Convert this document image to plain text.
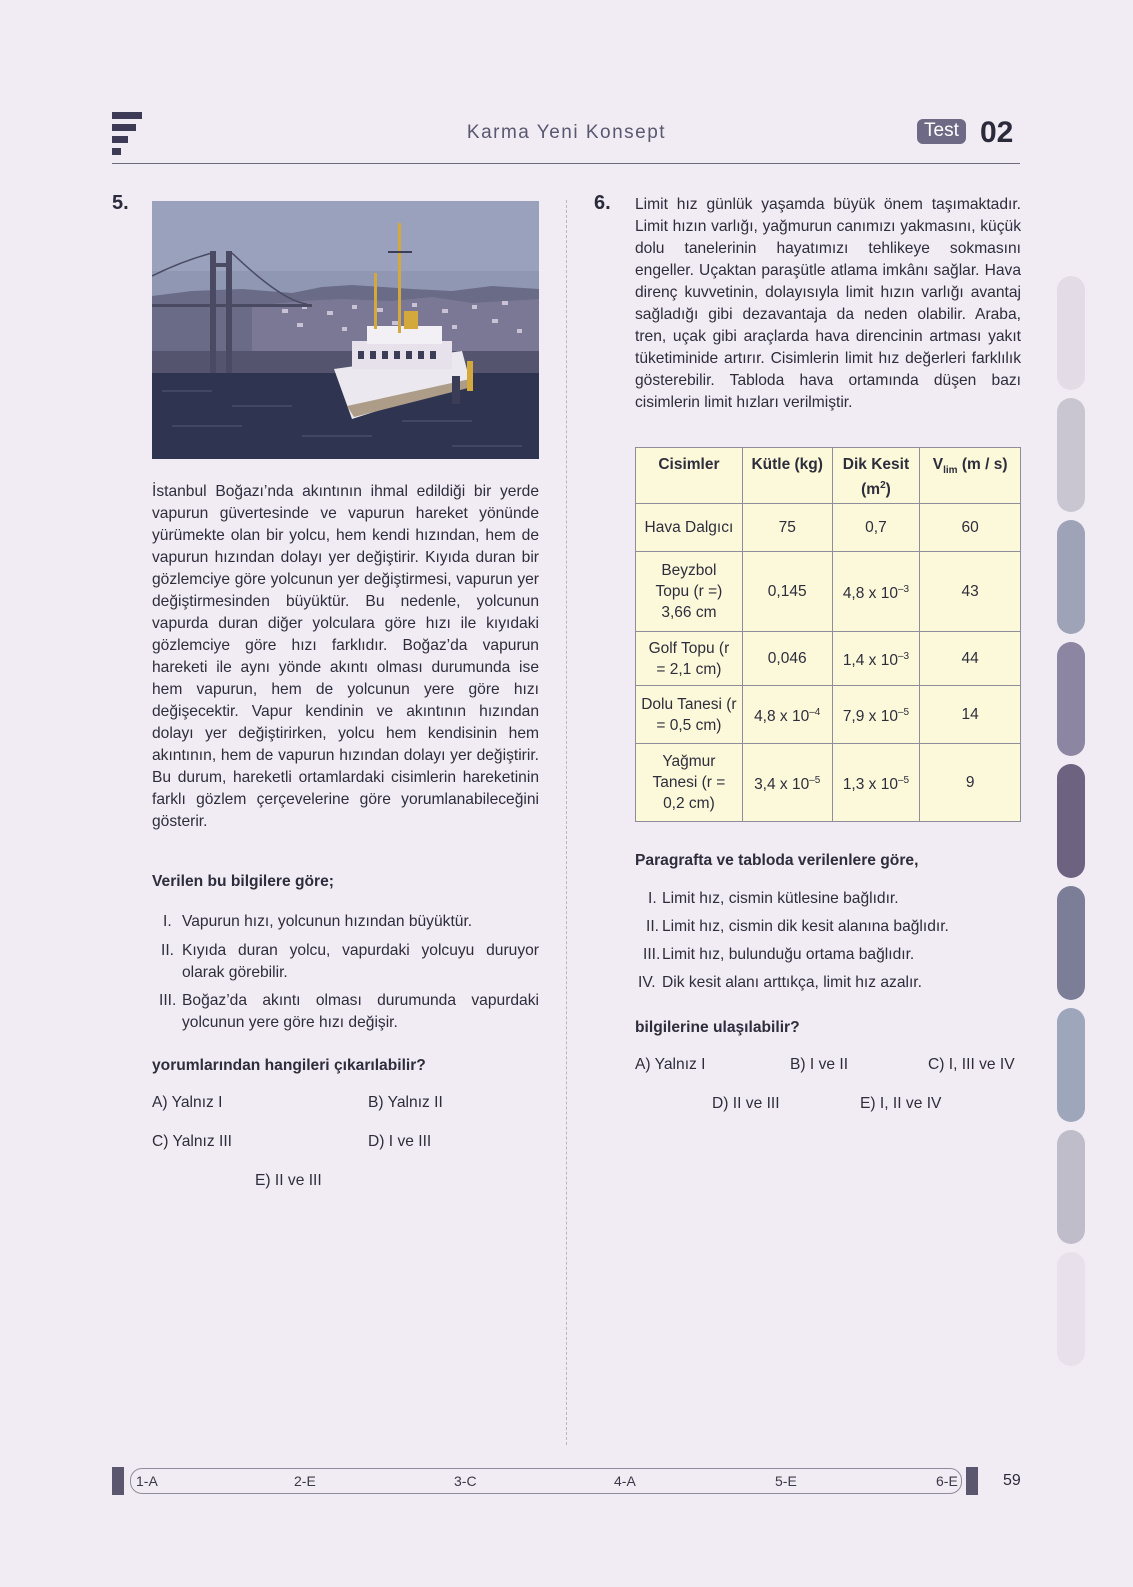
Karma Yeni Konsept	Test 02
5.
İstanbul Boğazı’nda akıntının ihmal edildiği bir yerde vapurun güvertesinde ve vapurun hareket yönünde yürümekte olan bir yolcu, hem kendi hızından, hem de vapurun hızından dolayı yer değiştirir. Kıyıda duran bir gözlemciye göre yolcunun yer değiştirmesi, vapurun yer değiştirmesinden büyüktür. Bu nedenle, yolcunun vapurda duran diğer yolculara göre hızı ile kıyıdaki gözlemciye göre hızı farklıdır. Boğaz’da vapurun hareketi ile aynı yönde akıntı olması durumunda ise hem vapurun, hem de yolcunun yere göre hızı değişecektir. Vapur kendinin ve akıntının hızından dolayı yer değiştirirken, yolcu hem kendisinin hem akıntının, hem de vapurun hızından dolayı yer değiştirir. Bu durum, hareketli ortamlardaki cisimlerin hareketinin farklı gözlem çerçevelerine göre yorumlanabileceğini gösterir.
Verilen bu bilgilere göre;
I. Vapurun hızı, yolcunun hızından büyüktür.
II. Kıyıda duran yolcu, vapurdaki yolcuyu duruyor olarak görebilir.
III. Boğaz’da akıntı olması durumunda vapurdaki yolcunun yere göre hızı değişir.
yorumlarından hangileri çıkarılabilir?
A) Yalnız I	B) Yalnız II
C) Yalnız III	D) I ve III
E) II ve III
6. Limit hız günlük yaşamda büyük önem taşımaktadır. Limit hızın varlığı, yağmurun canımızı yakmasını, küçük dolu tanelerinin hayatımızı tehlikeye sokmasını engeller. Uçaktan paraşütle atlama imkânı sağlar. Hava direnç kuvvetinin, dolayısıyla limit hızın varlığı avantaj sağladığı gibi dezavantaja da neden olabilir. Araba, tren, uçak gibi araçlarda hava direncinin artması yakıt tüketiminide artırır. Cisimlerin limit hız değerleri farklılık gösterebilir. Tabloda hava ortamında düşen bazı cisimlerin limit hızları verilmiştir.
Cisimler	Kütle (kg)	Dik Kesit $(m^2)$	$V_{lim}$ (m / s)
Hava Dalgıcı	75	0,7	60
Beyzbol Topu (r =) 3,66 cm	0,145	4,8 x $10^{-3}$	43
Golf Topu (r = 2,1 cm)	0,046	1,4 x $10^{-3}$	44
Dolu Tanesi (r = 0,5 cm)	4,8 x $10^{-4}$	7,9 x $10^{-5}$	14
Yağmur Tanesi (r = 0,2 cm)	3,4 x $10^{-5}$	1,3 x $10^{-5}$	9
Paragrafta ve tabloda verilenlere göre,
I. Limit hız, cismin kütlesine bağlıdır.
II. Limit hız, cismin dik kesit alanına bağlıdır.
III. Limit hız, bulunduğu ortama bağlıdır.
IV. Dik kesit alanı arttıkça, limit hız azalır.
bilgilerine ulaşılabilir?
A) Yalnız I	B) I ve II	C) I, III ve IV
D) II ve III	E) I, II ve IV
1-A	2-E	3-C	4-A	5-E	6-E	59
